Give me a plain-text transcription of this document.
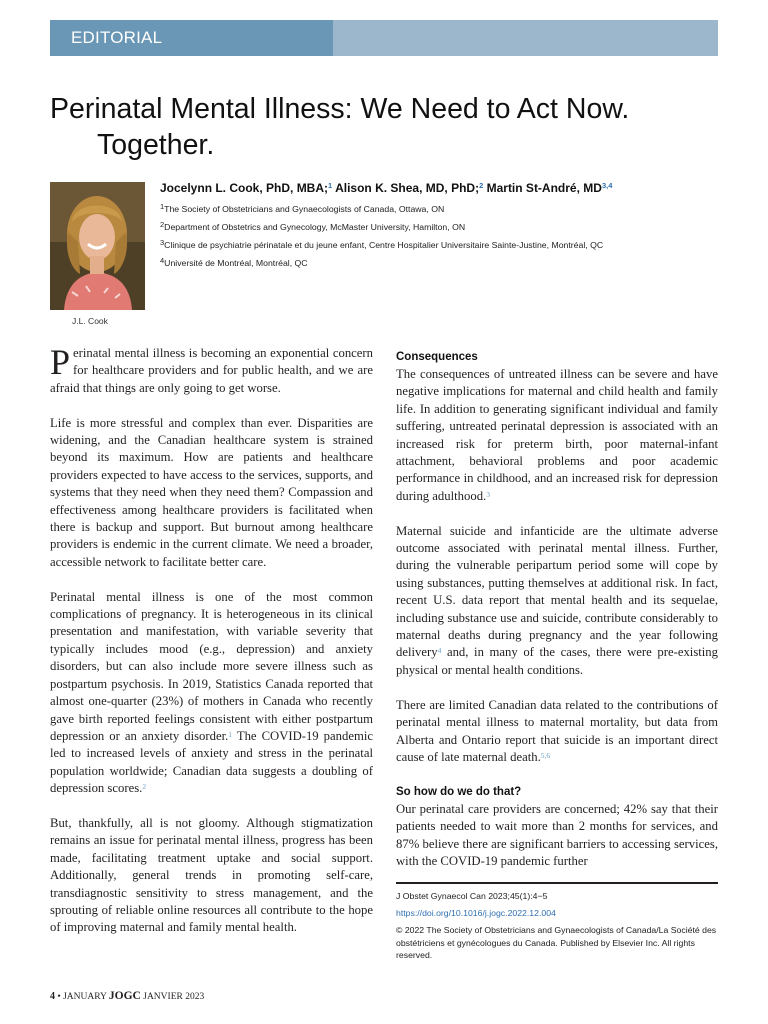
EDITORIAL
Perinatal Mental Illness: We Need to Act Now. Together.
J.L. Cook
Jocelynn L. Cook, PhD, MBA;$^1$ Alison K. Shea, MD, PhD;$^2$ Martin St-André, MD$^{3,4}$
$^1$The Society of Obstetricians and Gynaecologists of Canada, Ottawa, ON
$^2$Department of Obstetrics and Gynecology, McMaster University, Hamilton, ON
$^3$Clinique de psychiatrie périnatale et du jeune enfant, Centre Hospitalier Universitaire Sainte-Justine, Montréal, QC
$^4$Université de Montréal, Montréal, QC

Perinatal mental illness is becoming an exponential concern for healthcare providers and for public health, and we are afraid that things are only going to get worse.

Life is more stressful and complex than ever. Disparities are widening, and the Canadian healthcare system is strained beyond its maximum. How are patients and healthcare providers expected to have access to the services, supports, and systems that they need when they need them? Compassion and effectiveness among healthcare providers is facilitated when there is backup and support. But burnout among healthcare providers is endemic in the current climate. We need a broader, accessible network to facilitate better care.

Perinatal mental illness is one of the most common complications of pregnancy. It is heterogeneous in its clinical presentation and manifestation, with variable severity that typically includes mood (e.g., depression) and anxiety disorders, but can also include more severe illness such as postpartum psychosis. In 2019, Statistics Canada reported that almost one-quarter (23%) of mothers in Canada who recently gave birth reported feelings consistent with either postpartum depression or an anxiety disorder.$^1$ The COVID-19 pandemic led to increased levels of anxiety and stress in the perinatal population worldwide; Canadian data suggests a doubling of depression scores.$^2$

But, thankfully, all is not gloomy. Although stigmatization remains an issue for perinatal mental illness, progress has been made, facilitating treatment uptake and social support. Additionally, general trends in promoting self-care, transdiagnostic sensitivity to stress management, and the sprouting of reliable online resources all contribute to the hope of improving maternal and family mental health.

Consequences

The consequences of untreated illness can be severe and have negative implications for maternal and child health and family life. In addition to generating significant individual and family suffering, untreated perinatal depression is associated with an increased risk for preterm birth, poor maternal-infant attachment, behavioral problems and poor academic performance in childhood, and an increased risk for depression during adulthood.$^3$

Maternal suicide and infanticide are the ultimate adverse outcome associated with perinatal mental illness. Further, during the vulnerable peripartum period some will cope by using substances, putting themselves at additional risk. In fact, recent U.S. data report that mental health and its sequelae, including substance use and suicide, contribute considerably to maternal deaths during pregnancy and the year following delivery$^4$ and, in many of the cases, there were pre-existing physical or mental health conditions.

There are limited Canadian data related to the contributions of perinatal mental illness to maternal mortality, but data from Alberta and Ontario report that suicide is an important direct cause of late maternal death.$^{5,6}$

So how do we do that?

Our perinatal care providers are concerned; 42% say that their patients needed to wait more than 2 months for services, and 87% believe there are significant barriers to accessing services, with the COVID-19 pandemic further

J Obstet Gynaecol Can 2023;45(1):4−5
https://doi.org/10.1016/j.jogc.2022.12.004
© 2022 The Society of Obstetricians and Gynaecologists of Canada/La Société des obstétriciens et gynécologues du Canada. Published by Elsevier Inc. All rights reserved.
4 • JANUARY JOGC JANVIER 2023
